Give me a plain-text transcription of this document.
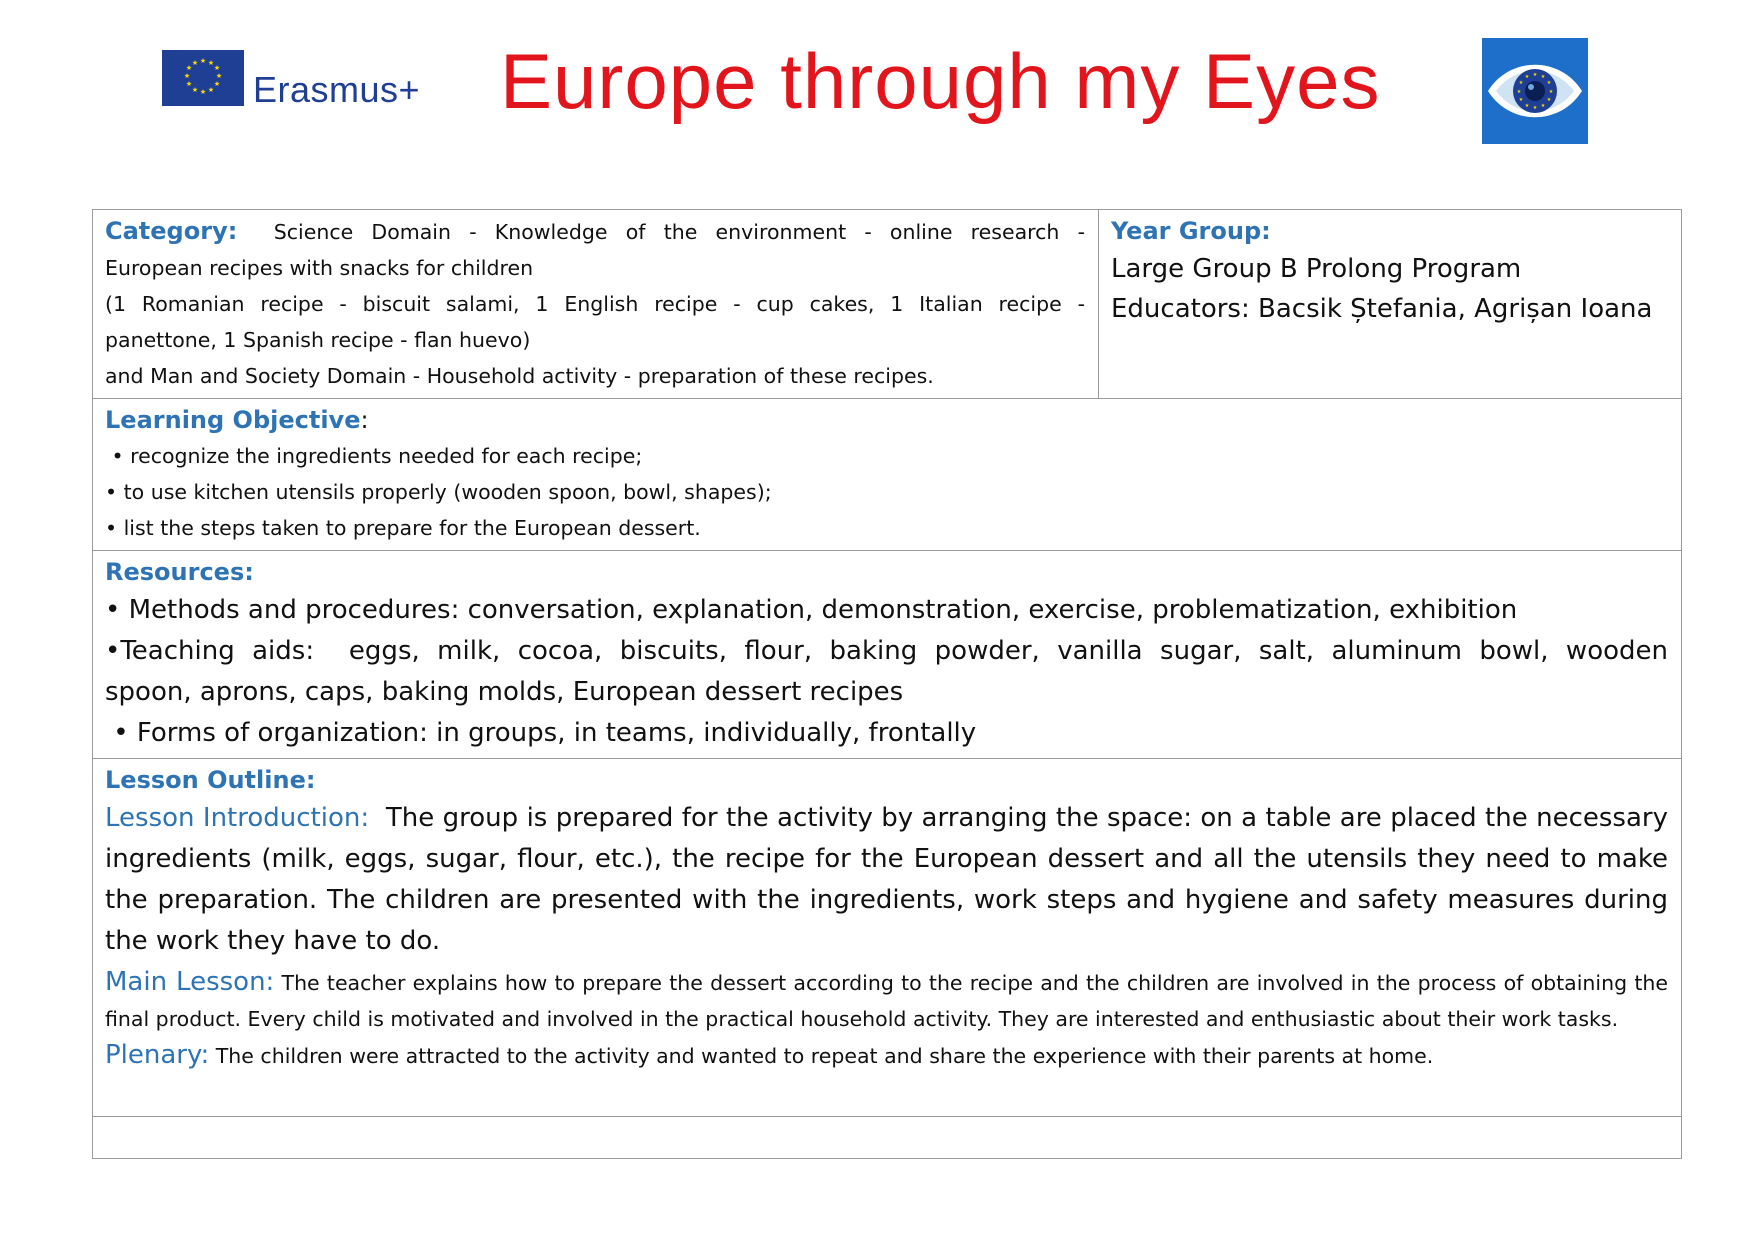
★ ★
★
★
★
★
★
★
★
★
★
★
Erasmus+ Europe through my Eyes	★ ★
★
★
★
★
★
★
★
★
★
★

Category: Science Domain - Knowledge of the environment - online research -

European recipes with snacks for children

(1 Romanian recipe - biscuit salami, 1 English recipe - cup cakes, 1 Italian recipe -

panettone, 1 Spanish recipe - flan huevo)

and Man and Society Domain - Household activity - preparation of these recipes.

Year Group:

Large Group B Prolong Program

Educators: Bacsik Ștefania, Agrișan Ioana

Learning Objective:

• recognize the ingredients needed for each recipe;

• to use kitchen utensils properly (wooden spoon, bowl, shapes);

• list the steps taken to prepare for the European dessert.

Resources:

• Methods and procedures: conversation, explanation, demonstration, exercise, problematization, exhibition

•Teaching aids:  eggs, milk, cocoa, biscuits, flour, baking powder, vanilla sugar, salt, aluminum bowl, wooden

spoon, aprons, caps, baking molds, European dessert recipes

• Forms of organization: in groups, in teams, individually, frontally

Lesson Outline:

Lesson Introduction:  The group is prepared for the activity by arranging the space: on a table are placed the necessary ingredients (milk, eggs, sugar, flour, etc.), the recipe for the European dessert and all the utensils they need to make the preparation. The children are presented with the ingredients, work steps and hygiene and safety measures during the work they have to do.

Main Lesson: The teacher explains how to prepare the dessert according to the recipe and the children are involved in the process of obtaining the final product. Every child is motivated and involved in the practical household activity. They are interested and enthusiastic about their work tasks.

Plenary: The children were attracted to the activity and wanted to repeat and share the experience with their parents at home.
